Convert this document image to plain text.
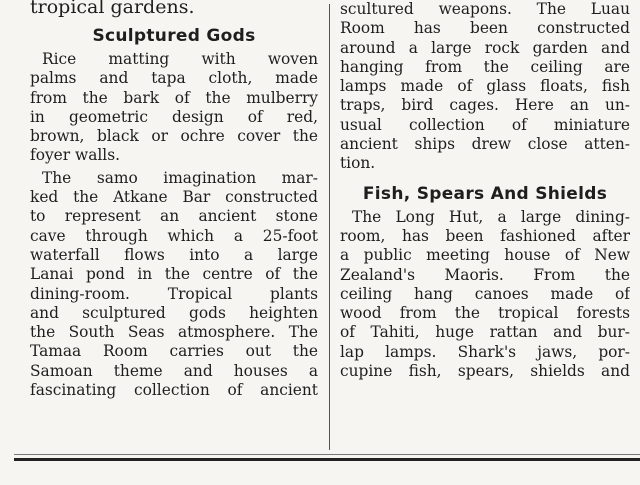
tropical gardens.
Sculptured Gods
Rice matting with woven
palms and tapa cloth, made
from the bark of the mulberry
in geometric design of red,
brown, black or ochre cover the
foyer walls.
The samo imagination mar-
ked the Atkane Bar constructed
to represent an ancient stone
cave through which a 25-foot
waterfall flows into a large
Lanai pond in the centre of the
dining-room. Tropical plants
and sculptured gods heighten
the South Seas atmosphere. The
Tamaa Room carries out the
Samoan theme and houses a
fascinating collection of ancient
scultured weapons. The Luau
Room has been constructed
around a large rock garden and
hanging from the ceiling are
lamps made of glass floats, fish
traps, bird cages. Here an un-
usual collection of miniature
ancient ships drew close atten-
tion.
Fish, Spears And Shields
The Long Hut, a large dining-
room, has been fashioned after
a public meeting house of New
Zealand's Maoris. From the
ceiling hang canoes made of
wood from the tropical forests
of Tahiti, huge rattan and bur-
lap lamps. Shark's jaws, por-
cupine fish, spears, shields and
